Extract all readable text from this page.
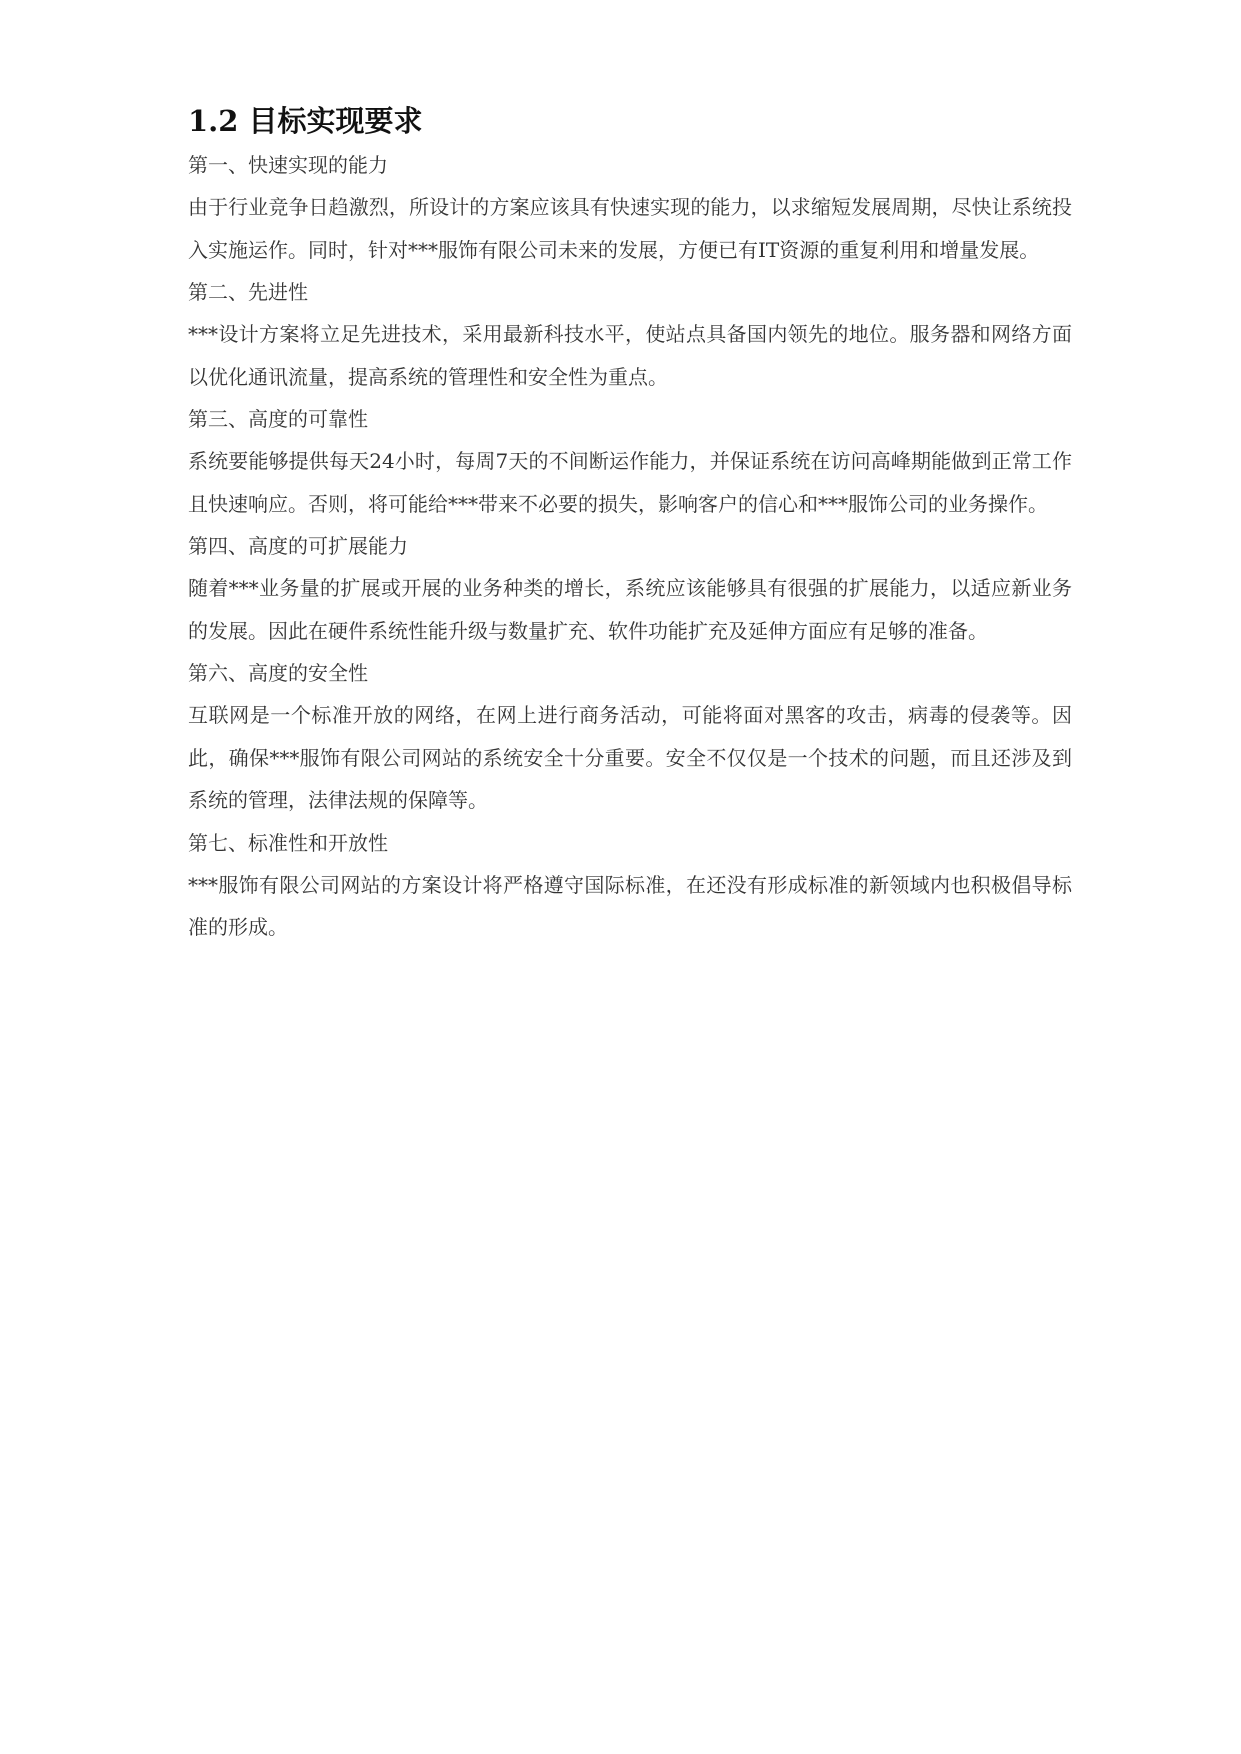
1.2 目标实现要求

第一、快速实现的能力

由于行业竞争日趋激烈，所设计的方案应该具有快速实现的能力，以求缩短发展周期，尽快让系统投入实施运作。同时，针对***服饰有限公司未来的发展，方便已有IT资源的重复利用和增量发展。

第二、先进性

***设计方案将立足先进技术，采用最新科技水平，使站点具备国内领先的地位。服务器和网络方面以优化通讯流量，提高系统的管理性和安全性为重点。

第三、高度的可靠性

系统要能够提供每天24小时，每周7天的不间断运作能力，并保证系统在访问高峰期能做到正常工作且快速响应。否则，将可能给***带来不必要的损失，影响客户的信心和***服饰公司的业务操作。

第四、高度的可扩展能力

随着***业务量的扩展或开展的业务种类的增长，系统应该能够具有很强的扩展能力，以适应新业务的发展。因此在硬件系统性能升级与数量扩充、软件功能扩充及延伸方面应有足够的准备。

第六、高度的安全性

互联网是一个标准开放的网络，在网上进行商务活动，可能将面对黑客的攻击，病毒的侵袭等。因此，确保***服饰有限公司网站的系统安全十分重要。安全不仅仅是一个技术的问题，而且还涉及到系统的管理，法律法规的保障等。

第七、标准性和开放性

***服饰有限公司网站的方案设计将严格遵守国际标准，在还没有形成标准的新领域内也积极倡导标准的形成。
